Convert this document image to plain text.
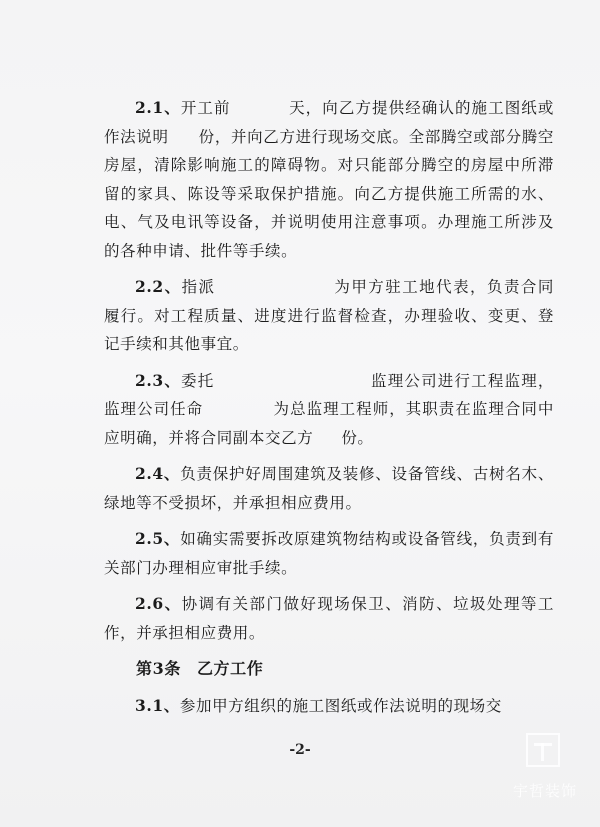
2.1、开工前	天，向乙方提供经确认的施工图纸或作法说明 份，并向乙方进行现场交底。全部腾空或部分腾空房屋，清除影响施工的障碍物。对只能部分腾空的房屋中所滞留的家具、陈设等采取保护措施。向乙方提供施工所需的水、电、气及电讯等设备，并说明使用注意事项。办理施工所涉及的各种申请、批件等手续。

2.2、指派	为甲方驻工地代表，负责合同履行。对工程质量、进度进行监督检查，办理验收、变更、登记手续和其他事宜。

2.3、委托	监理公司进行工程监理，监理公司任命	为总监理工程师，其职责在监理合同中应明确，并将合同副本交乙方 份。

2.4、负责保护好周围建筑及装修、设备管线、古树名木、绿地等不受损坏，并承担相应费用。

2.5、如确实需要拆改原建筑物结构或设备管线，负责到有关部门办理相应审批手续。

2.6、协调有关部门做好现场保卫、消防、垃圾处理等工作，并承担相应费用。

第3条 乙方工作

3.1、参加甲方组织的施工图纸或作法说明的现场交

-2-
宇哲装饰
